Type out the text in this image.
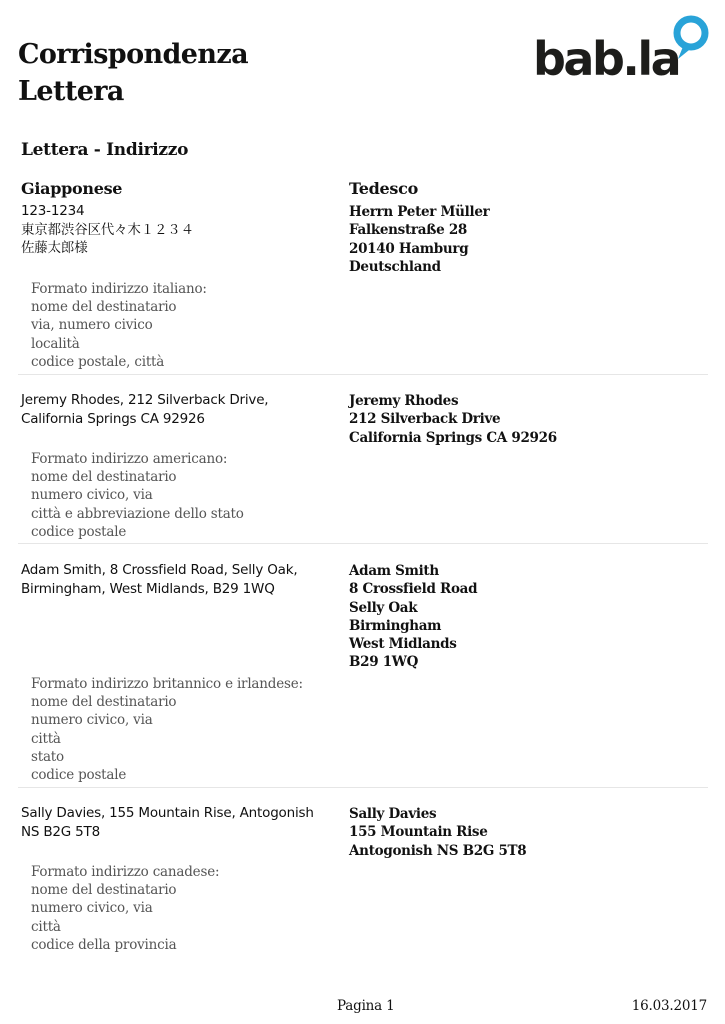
Corrispondenza
Lettera
bab.la
Lettera - Indirizzo
Giapponese	Tedesco
123-1234
東京都渋谷区代々木１２３４
佐藤太郎様
Herrn Peter Müller
Falkenstraße 28
20140 Hamburg
Deutschland
Formato indirizzo italiano:
nome del destinatario
via, numero civico
località
codice postale, città
Jeremy Rhodes, 212 Silverback Drive,
California Springs CA 92926
Jeremy Rhodes
212 Silverback Drive
California Springs CA 92926
Formato indirizzo americano:
nome del destinatario
numero civico, via
città e abbreviazione dello stato
codice postale
Adam Smith, 8 Crossfield Road, Selly Oak,
Birmingham, West Midlands, B29 1WQ
Adam Smith
8 Crossfield Road
Selly Oak
Birmingham
West Midlands
B29 1WQ
Formato indirizzo britannico e irlandese:
nome del destinatario
numero civico, via
città
stato
codice postale
Sally Davies, 155 Mountain Rise, Antogonish
NS B2G 5T8
Sally Davies
155 Mountain Rise
Antogonish NS B2G 5T8
Formato indirizzo canadese:
nome del destinatario
numero civico, via
città
codice della provincia
Pagina 1	16.03.2017
